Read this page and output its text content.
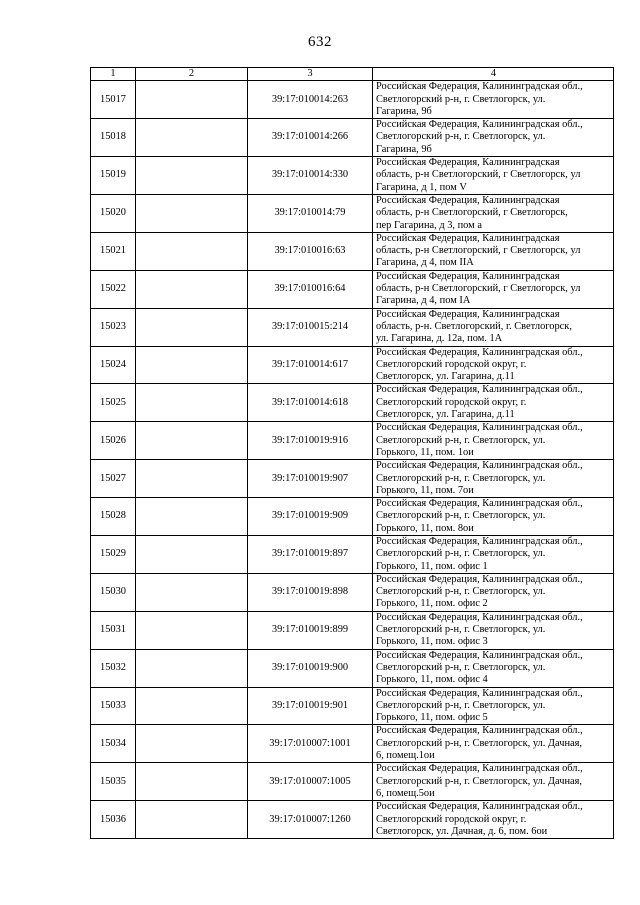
632
1	2	3	4
15017		39:17:010014:263	Российская Федерация, Калининградская обл.,
Светлогорский р-н, г. Светлогорск, ул.
Гагарина, 9б

15018		39:17:010014:266	Российская Федерация, Калининградская обл.,
Светлогорский р-н, г. Светлогорск, ул.
Гагарина, 9б

15019		39:17:010014:330	Российская Федерация, Калининградская
область, р-н Светлогорский, г Светлогорск, ул
Гагарина, д 1, пом V

15020		39:17:010014:79	Российская Федерация, Калининградская
область, р-н Светлогорский, г Светлогорск,
пер Гагарина, д 3, пом а

15021		39:17:010016:63	Российская Федерация, Калининградская
область, р-н Светлогорский, г Светлогорск, ул
Гагарина, д 4, пом IIА

15022		39:17:010016:64	Российская Федерация, Калининградская
область, р-н Светлогорский, г Светлогорск, ул
Гагарина, д 4, пом IА

15023		39:17:010015:214	Российская Федерация, Калининградская
область, р-н. Светлогорский, г. Светлогорск,
ул. Гагарина, д. 12а, пом. 1А

15024		39:17:010014:617	Российская Федерация, Калининградская обл.,
Светлогорский городской округ, г.
Светлогорск, ул. Гагарина, д.11

15025		39:17:010014:618	Российская Федерация, Калининградская обл.,
Светлогорский городской округ, г.
Светлогорск, ул. Гагарина, д.11

15026		39:17:010019:916	Российская Федерация, Калининградская обл.,
Светлогорский р-н, г. Светлогорск, ул.
Горького, 11, пом. 1ои

15027		39:17:010019:907	Российская Федерация, Калининградская обл.,
Светлогорский р-н, г. Светлогорск, ул.
Горького, 11, пом. 7ои

15028		39:17:010019:909	Российская Федерация, Калининградская обл.,
Светлогорский р-н, г. Светлогорск, ул.
Горького, 11, пом. 8ои

15029		39:17:010019:897	Российская Федерация, Калининградская обл.,
Светлогорский р-н, г. Светлогорск, ул.
Горького, 11, пом. офис 1

15030		39:17:010019:898	Российская Федерация, Калининградская обл.,
Светлогорский р-н, г. Светлогорск, ул.
Горького, 11, пом. офис 2

15031		39:17:010019:899	Российская Федерация, Калининградская обл.,
Светлогорский р-н, г. Светлогорск, ул.
Горького, 11, пом. офис 3

15032		39:17:010019:900	Российская Федерация, Калининградская обл.,
Светлогорский р-н, г. Светлогорск, ул.
Горького, 11, пом. офис 4

15033		39:17:010019:901	Российская Федерация, Калининградская обл.,
Светлогорский р-н, г. Светлогорск, ул.
Горького, 11, пом. офис 5

15034		39:17:010007:1001	Российская Федерация, Калининградская обл.,
Светлогорский р-н, г. Светлогорск, ул. Дачная,
6, помещ.1ои

15035		39:17:010007:1005	Российская Федерация, Калининградская обл.,
Светлогорский р-н, г. Светлогорск, ул. Дачная,
6, помещ.5ои

15036		39:17:010007:1260	Российская Федерация, Калининградская обл.,
Светлогорский городской округ, г.
Светлогорск, ул. Дачная, д. 6, пом. 6ои
